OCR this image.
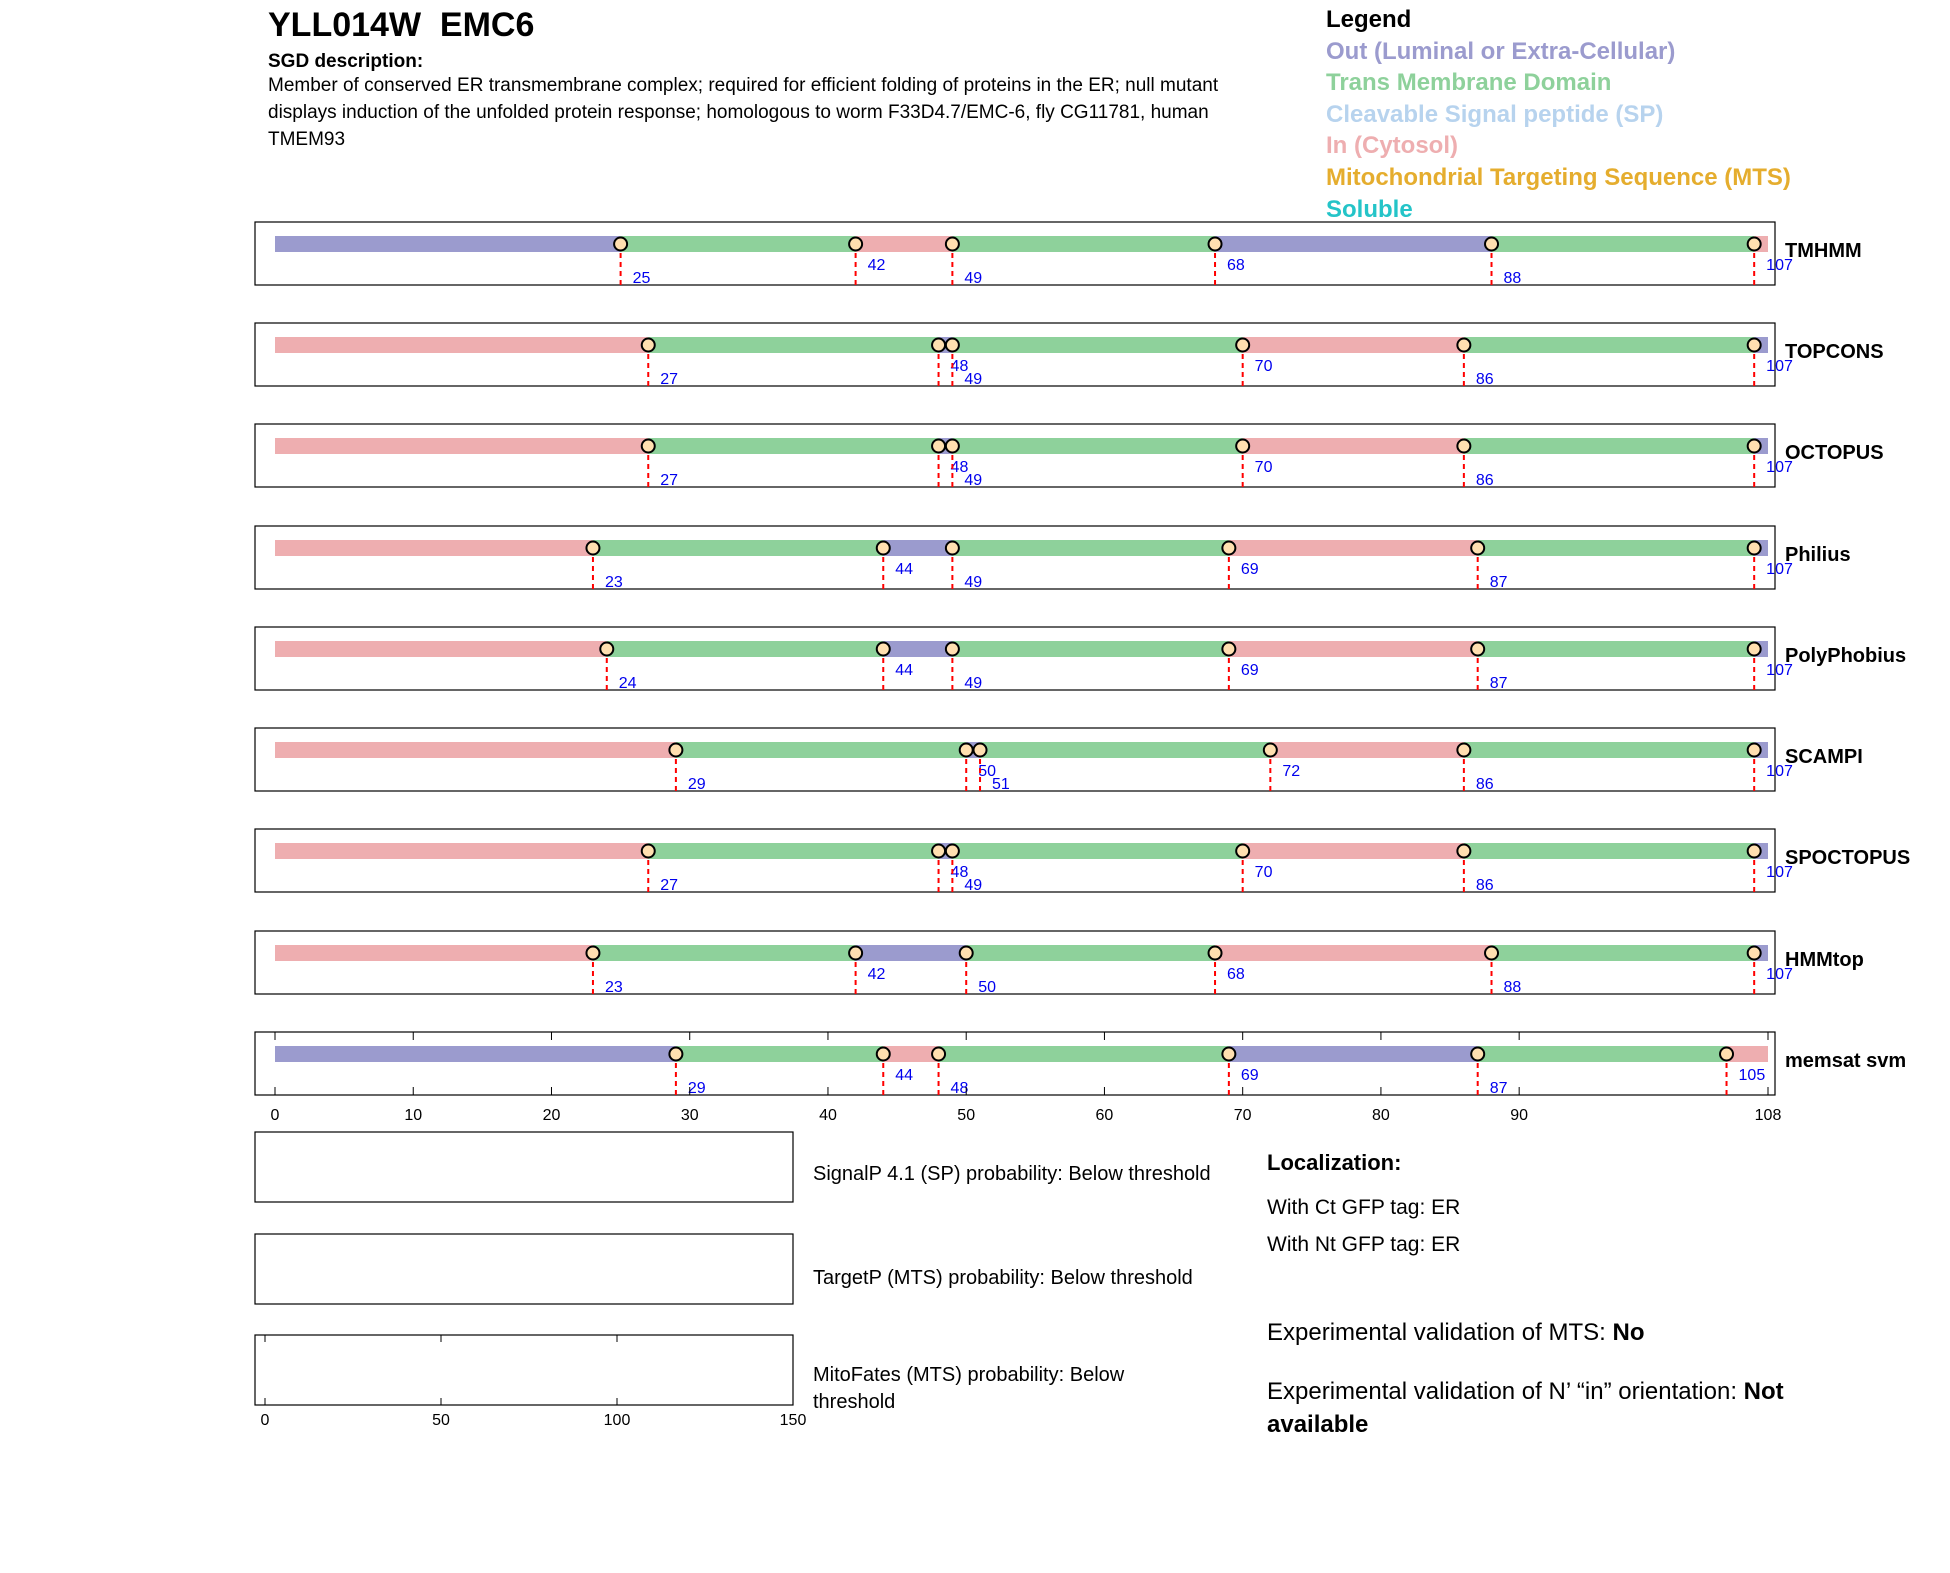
YLL014W  EMC6
SGD description:
Member of conserved ER transmembrane complex; required for efficient folding of proteins in the ER; null mutant displays induction of the unfolded protein response; homologous to worm F33D4.7/EMC-6, fly CG11781, human TMEM93
Legend
Out (Luminal or Extra-Cellular)
Trans Membrane Domain
Cleavable Signal peptide (SP)
In (Cytosol)
Mitochondrial Targeting Sequence (MTS)
Soluble
25
42
49
68
88
107
TMHMM
27
48
49
70
86
107
TOPCONS
27
48
49
70
86
107
OCTOPUS
23
44
49
69
87
107
Philius
24
44
49
69
87
107
PolyPhobius
29
50
51
72
86
107
SCAMPI
27
48
49
70
86
107
SPOCTOPUS
23
42
50
68
88
107
HMMtop
29
44
48
69
87
105
memsat svm
0	10	20	30	40	50	60	70	80	90	108
0	50	100	150
SignalP 4.1 (SP) probability: Below threshold
TargetP (MTS) probability: Below threshold
MitoFates (MTS) probability: Below threshold
Localization:
With Ct GFP tag: ER
With Nt GFP tag: ER
Experimental validation of MTS: No
Experimental validation of N’ “in” orientation: Not available
